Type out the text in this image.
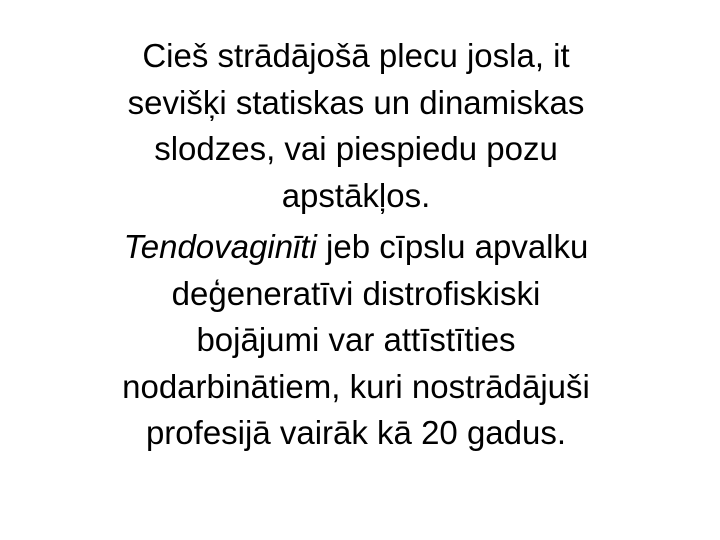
Cieš strādājošā plecu josla, it
sevišķi statiskas un dinamiskas
slodzes, vai piespiedu pozu
apstākļos.
Tendovaginīti jeb cīpslu apvalku
deģeneratīvi distrofiskiski
bojājumi var attīstīties
nodarbinātiem, kuri nostrādājuši
profesijā vairāk kā 20 gadus.
